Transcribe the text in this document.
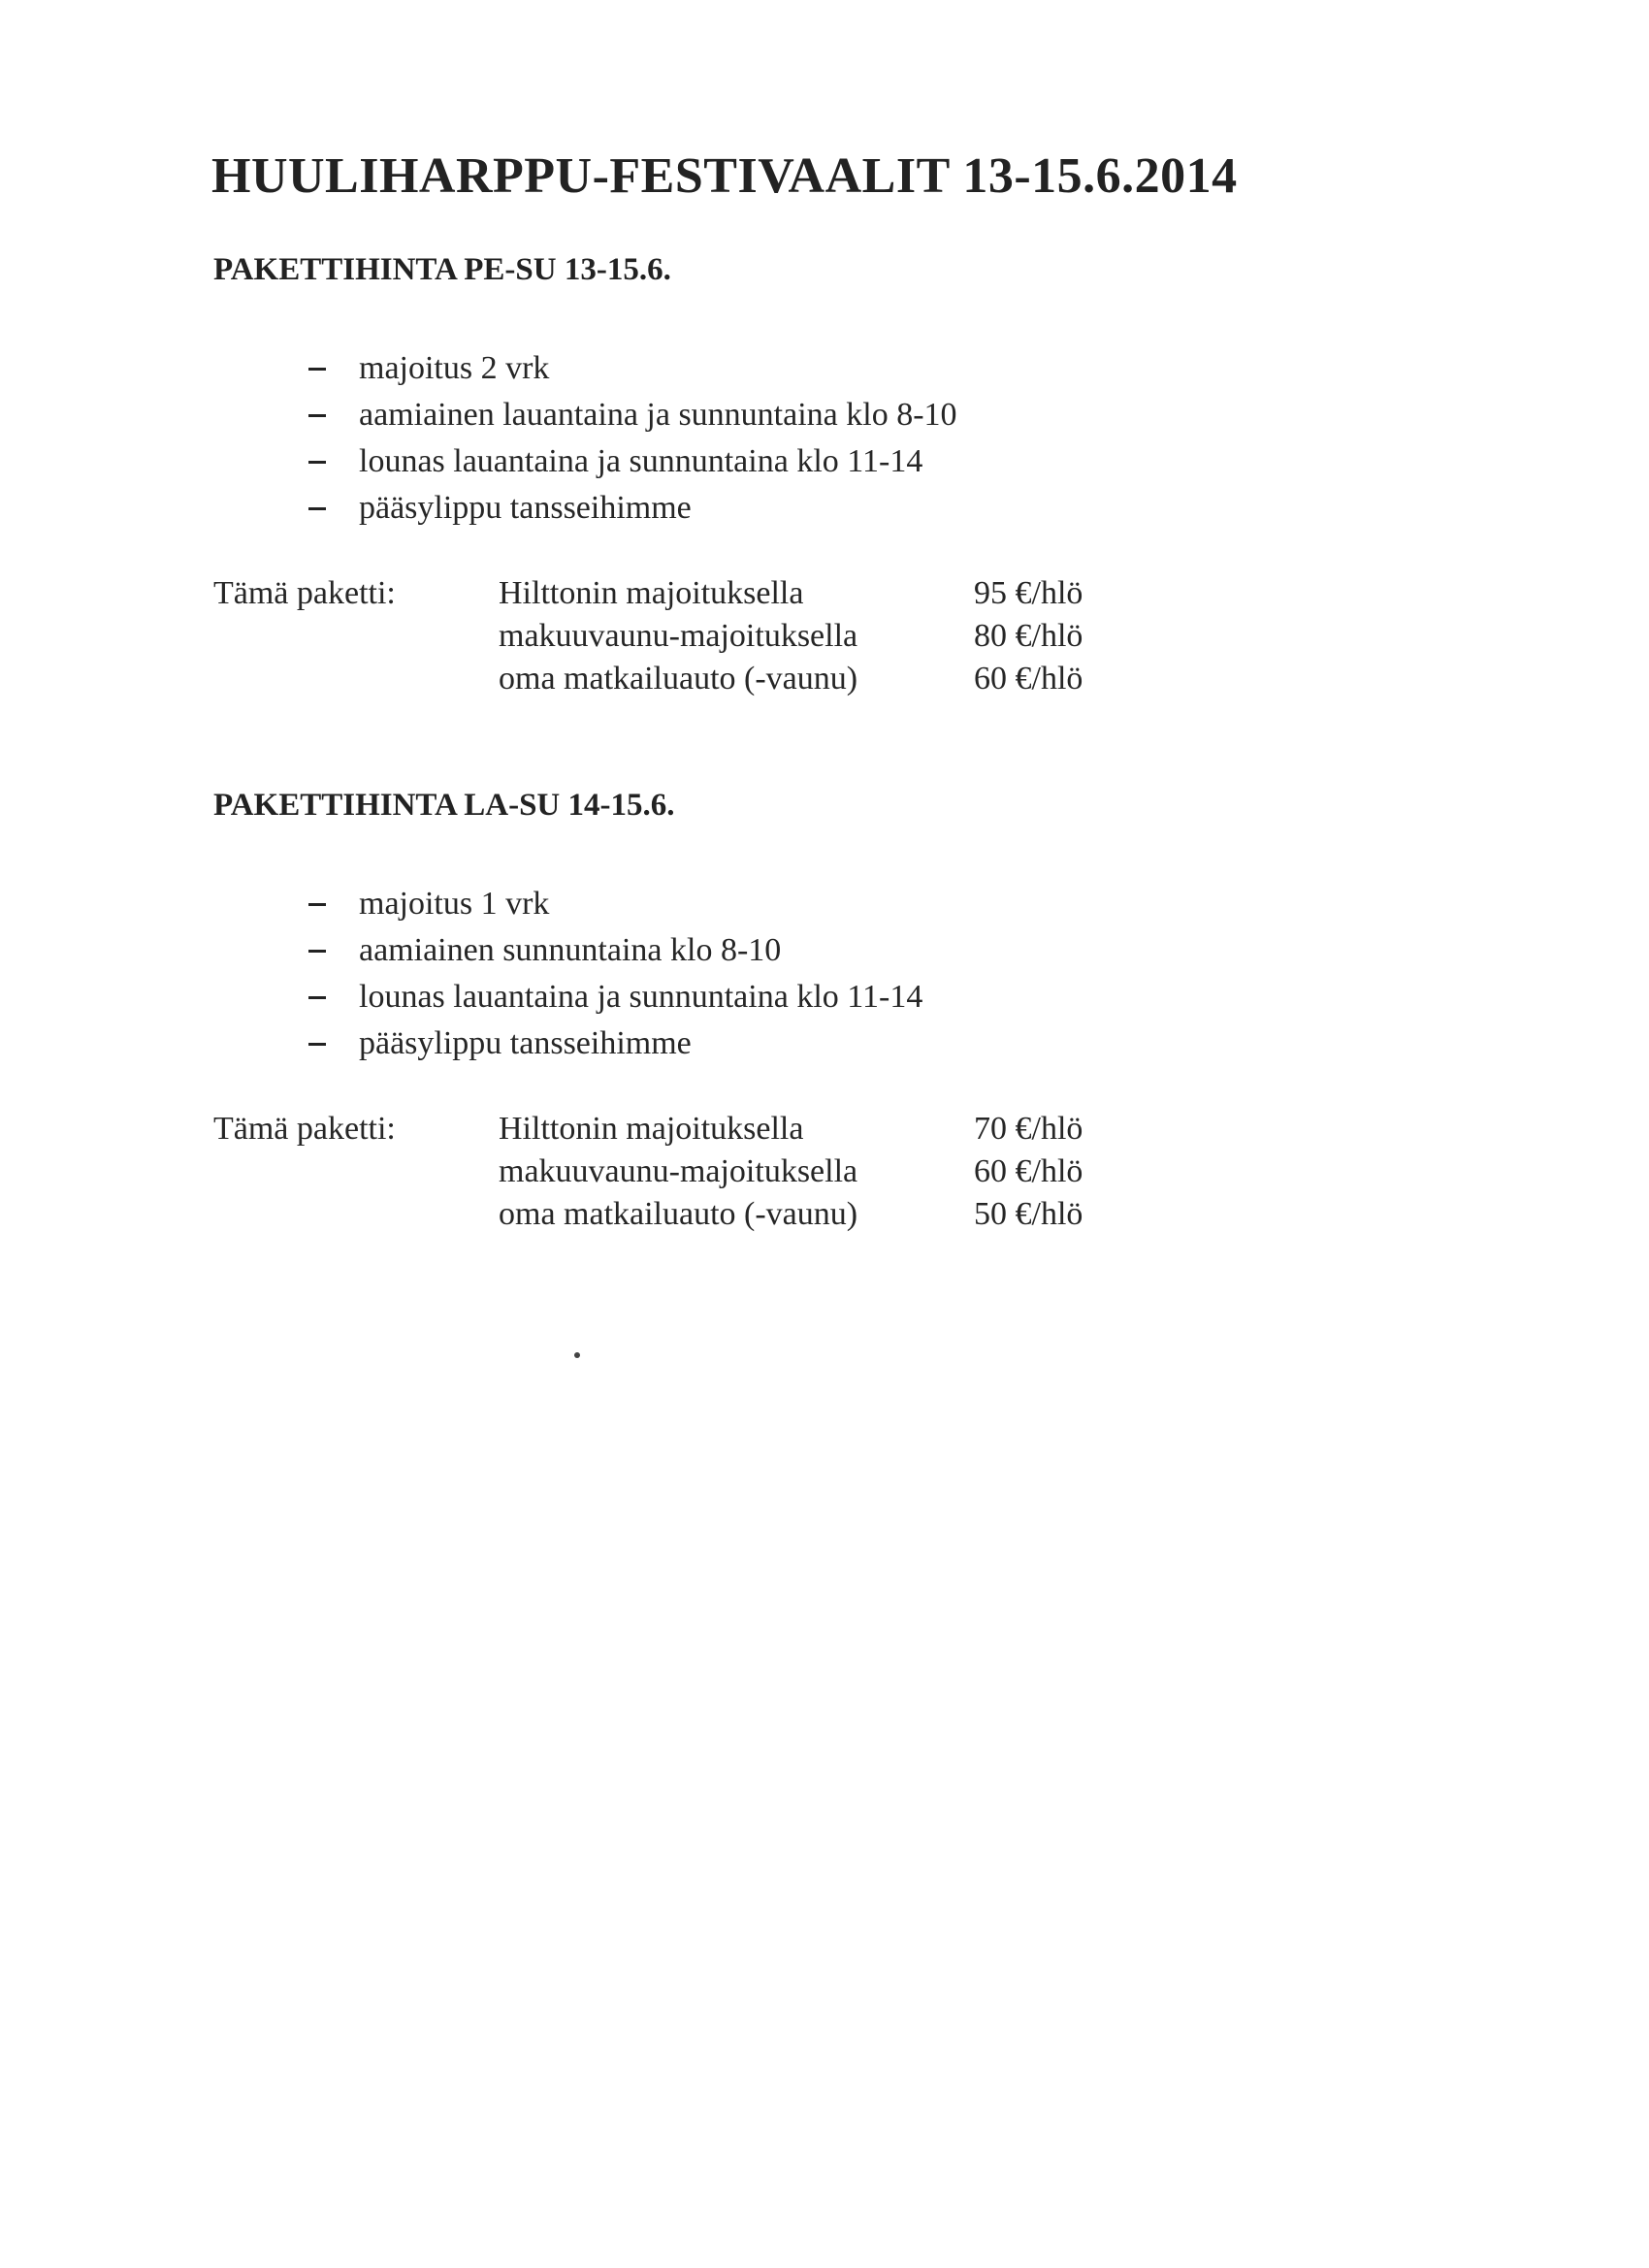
HUULIHARPPU-FESTIVAALIT 13-15.6.2014
PAKETTIHINTA PE-SU 13-15.6.
majoitus 2 vrk
aamiainen lauantaina ja sunnuntaina klo 8-10
lounas lauantaina ja sunnuntaina klo 11-14
pääsylippu tansseihimme
Tämä paketti:	Hilttonin majoituksella	95 €/hlö
makuuvaunu-majoituksella	80 €/hlö
oma matkailuauto (-vaunu)	60 €/hlö
PAKETTIHINTA LA-SU 14-15.6.
majoitus 1 vrk
aamiainen sunnuntaina klo 8-10
lounas lauantaina ja sunnuntaina klo 11-14
pääsylippu tansseihimme
Tämä paketti:	Hilttonin majoituksella	70 €/hlö
makuuvaunu-majoituksella	60 €/hlö
oma matkailuauto (-vaunu)	50 €/hlö
